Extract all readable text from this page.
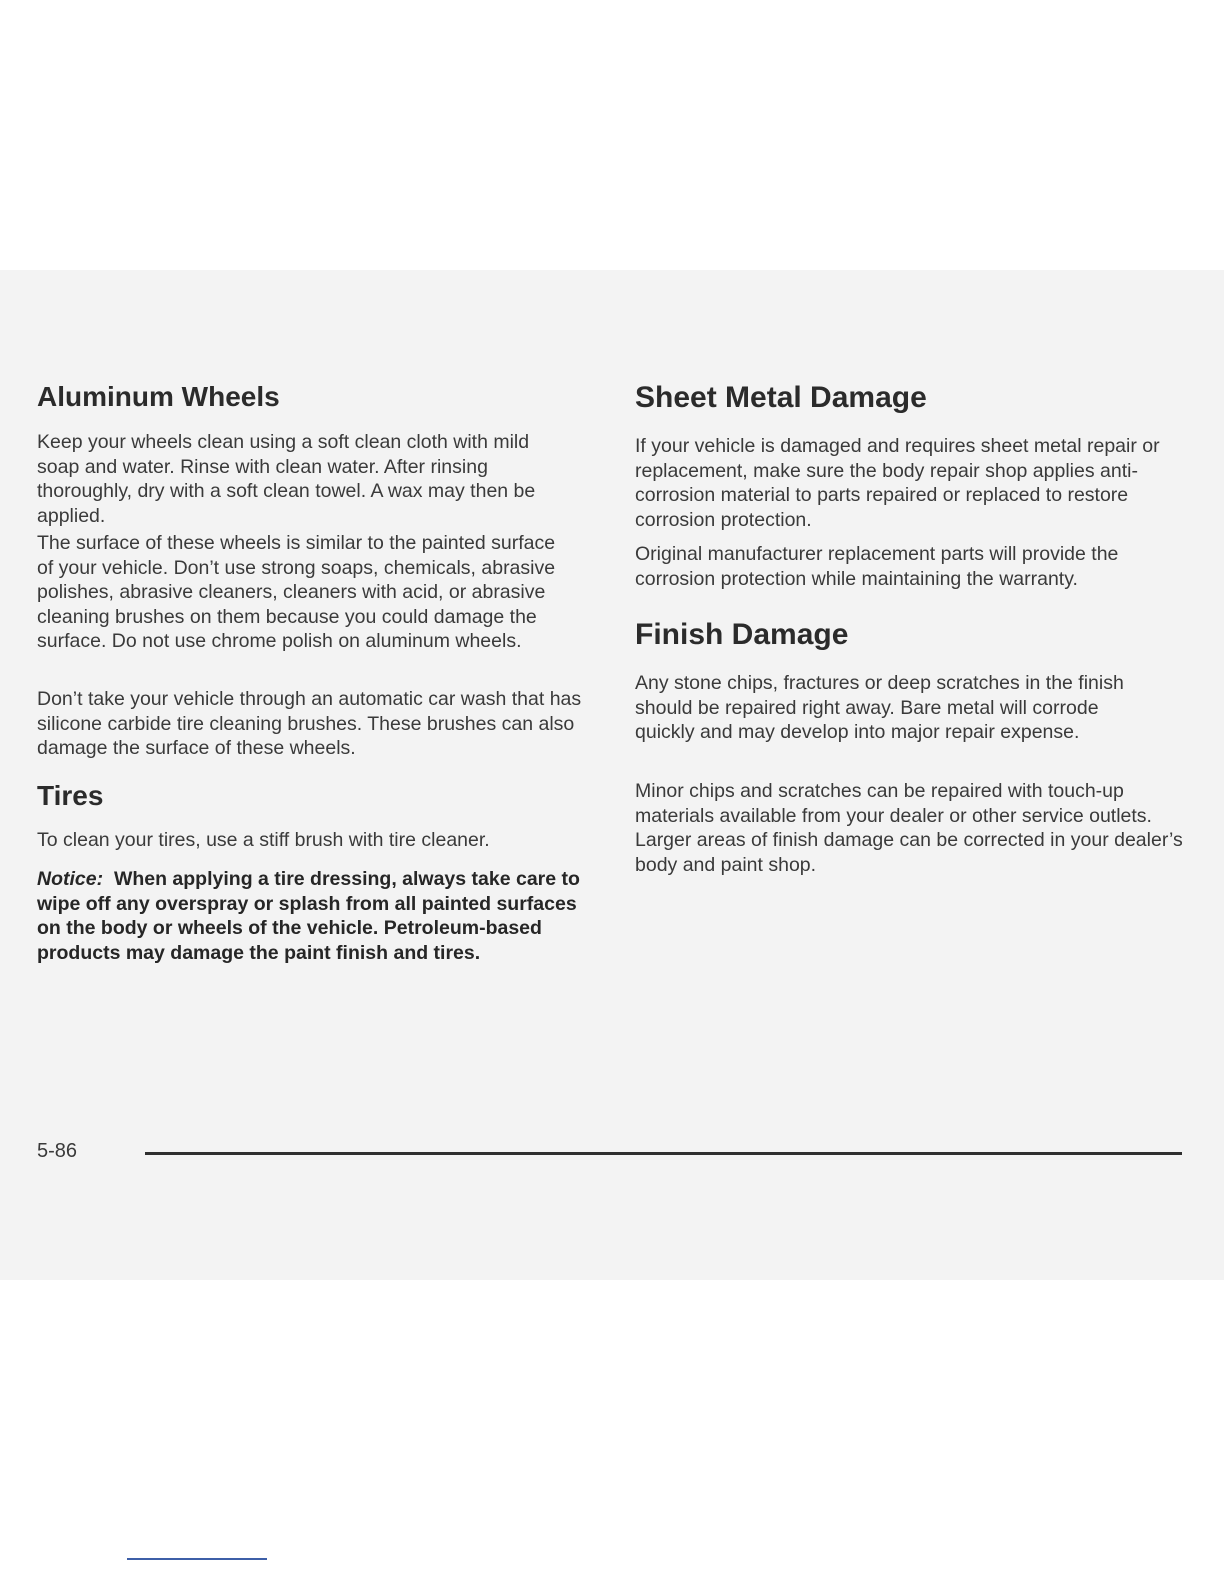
Aluminum Wheels

Keep your wheels clean using a soft clean cloth with mild soap and water. Rinse with clean water. After rinsing thoroughly, dry with a soft clean towel. A wax may then be applied.

The surface of these wheels is similar to the painted surface of your vehicle. Don’t use strong soaps, chemicals, abrasive polishes, abrasive cleaners, cleaners with acid, or abrasive cleaning brushes on them because you could damage the surface. Do not use chrome polish on aluminum wheels.

Don’t take your vehicle through an automatic car wash that has silicone carbide tire cleaning brushes. These brushes can also damage the surface of these wheels.

Tires

To clean your tires, use a stiff brush with tire cleaner.

Notice: When applying a tire dressing, always take care to wipe off any overspray or splash from all painted surfaces on the body or wheels of the vehicle. Petroleum-based products may damage the paint finish and tires.

Sheet Metal Damage

If your vehicle is damaged and requires sheet metal repair or replacement, make sure the body repair shop applies anti-corrosion material to parts repaired or replaced to restore corrosion protection.

Original manufacturer replacement parts will provide the corrosion protection while maintaining the warranty.

Finish Damage

Any stone chips, fractures or deep scratches in the finish should be repaired right away. Bare metal will corrode quickly and may develop into major repair expense.

Minor chips and scratches can be repaired with touch-up materials available from your dealer or other service outlets. Larger areas of finish damage can be corrected in your dealer’s body and paint shop.

5-86
